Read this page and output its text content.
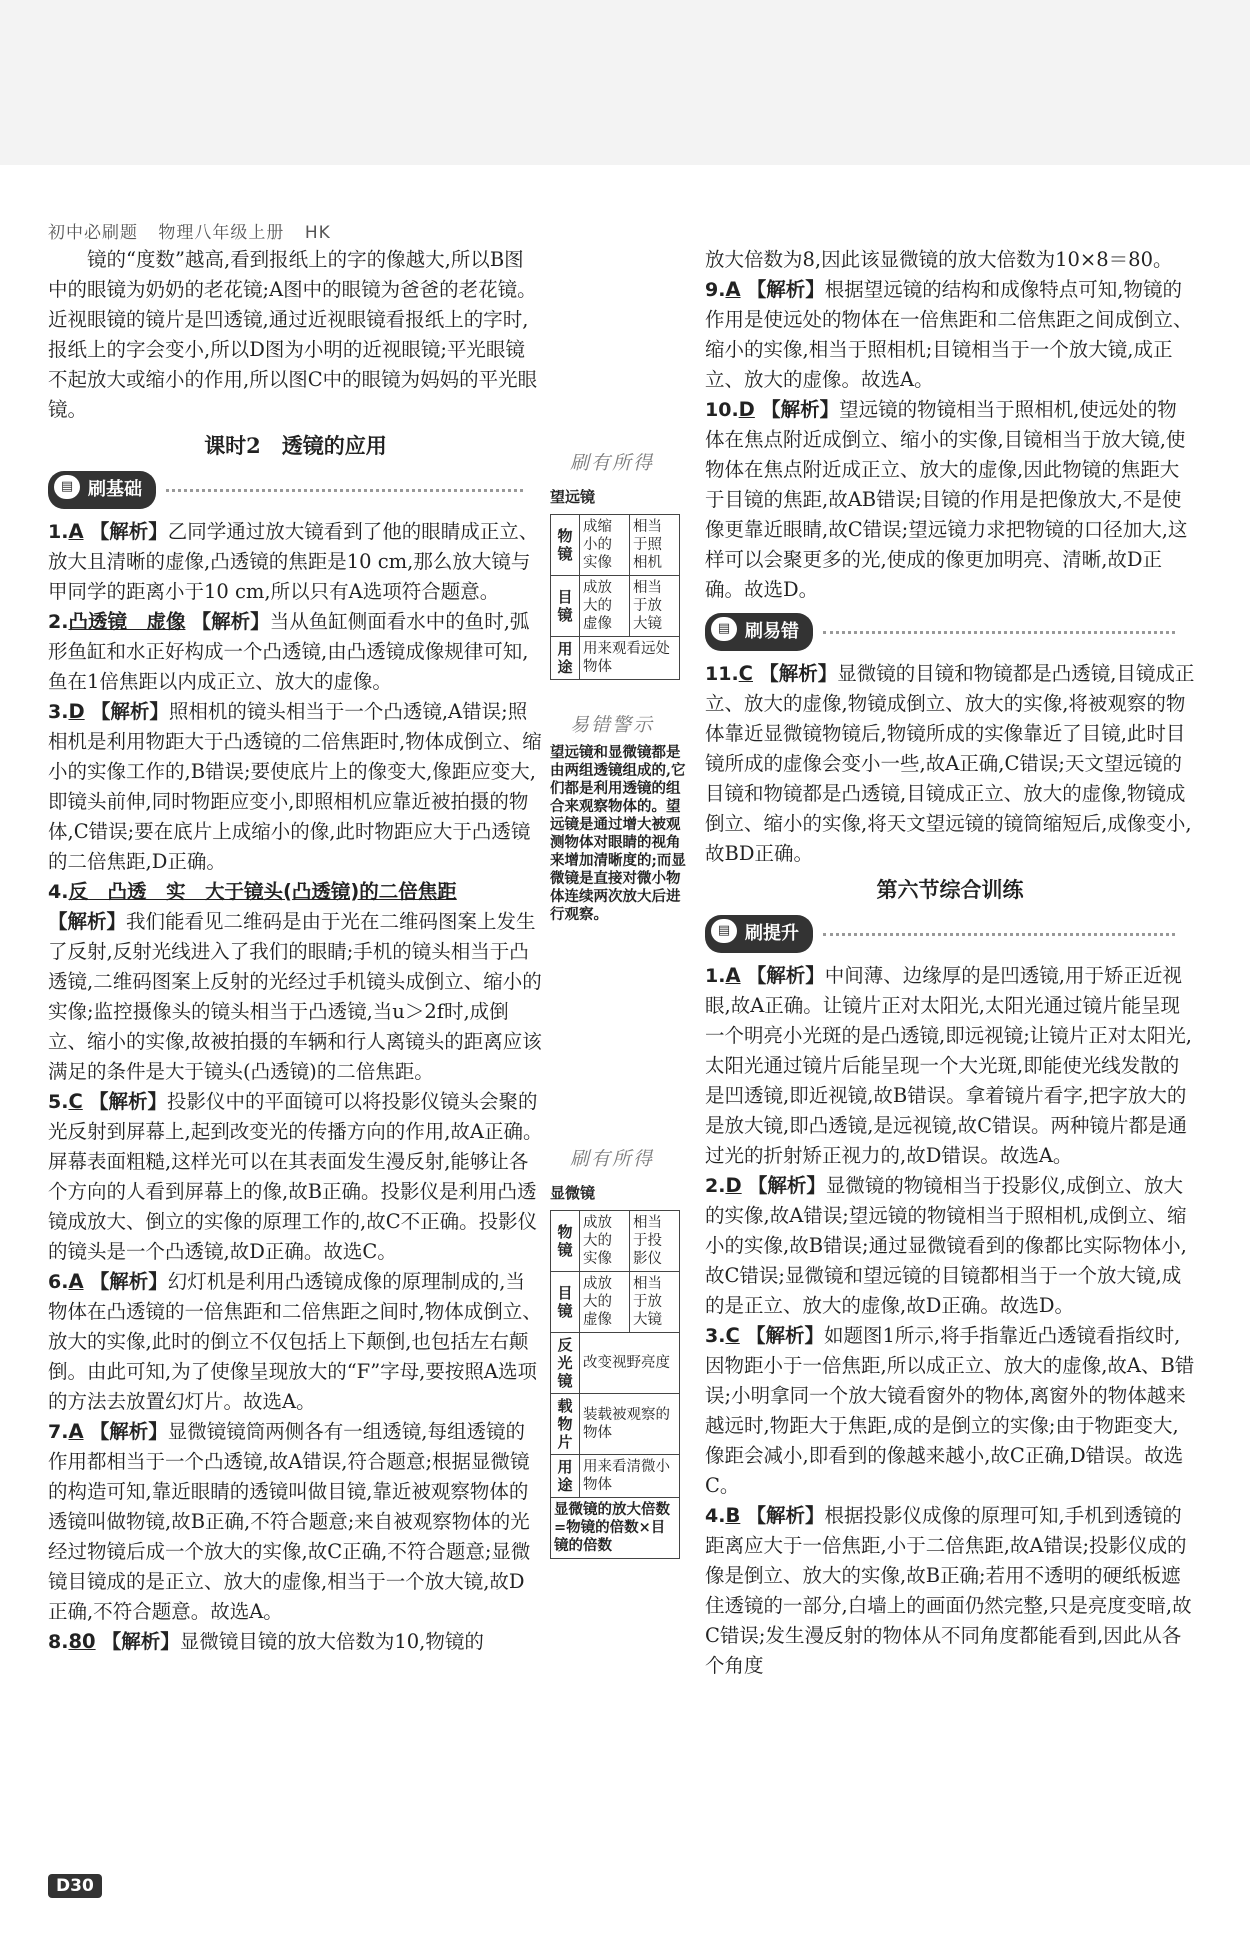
初中必刷题 物理八年级上册 HK

镜的“度数”越高,看到报纸上的字的像越大,所以B图中的眼镜为奶奶的老花镜;A图中的眼镜为爸爸的老花镜。近视眼镜的镜片是凹透镜,通过近视眼镜看报纸上的字时,报纸上的字会变小,所以D图为小明的近视眼镜;平光眼镜不起放大或缩小的作用,所以图C中的眼镜为妈妈的平光眼镜。

课时2　透镜的应用
▤ 刷基础

1.A 【解析】乙同学通过放大镜看到了他的眼睛成正立、放大且清晰的虚像,凸透镜的焦距是10 cm,那么放大镜与甲同学的距离小于10 cm,所以只有A选项符合题意。

2.凸透镜　虚像 【解析】当从鱼缸侧面看水中的鱼时,弧形鱼缸和水正好构成一个凸透镜,由凸透镜成像规律可知,鱼在1倍焦距以内成正立、放大的虚像。

3.D 【解析】照相机的镜头相当于一个凸透镜,A错误;照相机是利用物距大于凸透镜的二倍焦距时,物体成倒立、缩小的实像工作的,B错误;要使底片上的像变大,像距应变大,即镜头前伸,同时物距应变小,即照相机应靠近被拍摄的物体,C错误;要在底片上成缩小的像,此时物距应大于凸透镜的二倍焦距,D正确。

4.反　凸透　实　大于镜头(凸透镜)的二倍焦距
【解析】我们能看见二维码是由于光在二维码图案上发生了反射,反射光线进入了我们的眼睛;手机的镜头相当于凸透镜,二维码图案上反射的光经过手机镜头成倒立、缩小的实像;监控摄像头的镜头相当于凸透镜,当u＞2f时,成倒立、缩小的实像,故被拍摄的车辆和行人离镜头的距离应该满足的条件是大于镜头(凸透镜)的二倍焦距。

5.C 【解析】投影仪中的平面镜可以将投影仪镜头会聚的光反射到屏幕上,起到改变光的传播方向的作用,故A正确。屏幕表面粗糙,这样光可以在其表面发生漫反射,能够让各个方向的人看到屏幕上的像,故B正确。投影仪是利用凸透镜成放大、倒立的实像的原理工作的,故C不正确。投影仪的镜头是一个凸透镜,故D正确。故选C。

6.A 【解析】幻灯机是利用凸透镜成像的原理制成的,当物体在凸透镜的一倍焦距和二倍焦距之间时,物体成倒立、放大的实像,此时的倒立不仅包括上下颠倒,也包括左右颠倒。由此可知,为了使像呈现放大的“F”字母,要按照A选项的方法去放置幻灯片。故选A。

7.A 【解析】显微镜镜筒两侧各有一组透镜,每组透镜的作用都相当于一个凸透镜,故A错误,符合题意;根据显微镜的构造可知,靠近眼睛的透镜叫做目镜,靠近被观察物体的透镜叫做物镜,故B正确,不符合题意;来自被观察物体的光经过物镜后成一个放大的实像,故C正确,不符合题意;显微镜目镜成的是正立、放大的虚像,相当于一个放大镜,故D正确,不符合题意。故选A。

8.80 【解析】显微镜目镜的放大倍数为10,物镜的

刷有所得
望远镜
物镜	成缩小的实像	相当于照相机
目镜	成放大的虚像	相当于放大镜
用途	用来观看远处物体	
易错警示
望远镜和显微镜都是由两组透镜组成的,它们都是利用透镜的组合来观察物体的。望远镜是通过增大被观测物体对眼睛的视角来增加清晰度的;而显微镜是直接对微小物体连续两次放大后进行观察。
刷有所得
显微镜
物镜	成放大的实像	相当于投影仪
目镜	成放大的虚像	相当于放大镜
反光镜	改变视野亮度	
载物片	装载被观察的物体	
用途	用来看清微小物体	
显微镜的放大倍数=物镜的倍数×目镜的倍数		

放大倍数为8,因此该显微镜的放大倍数为10×8＝80。

9.A 【解析】根据望远镜的结构和成像特点可知,物镜的作用是使远处的物体在一倍焦距和二倍焦距之间成倒立、缩小的实像,相当于照相机;目镜相当于一个放大镜,成正立、放大的虚像。故选A。

10.D 【解析】望远镜的物镜相当于照相机,使远处的物体在焦点附近成倒立、缩小的实像,目镜相当于放大镜,使物体在焦点附近成正立、放大的虚像,因此物镜的焦距大于目镜的焦距,故AB错误;目镜的作用是把像放大,不是使像更靠近眼睛,故C错误;望远镜力求把物镜的口径加大,这样可以会聚更多的光,使成的像更加明亮、清晰,故D正确。故选D。

▤ 刷易错

11.C 【解析】显微镜的目镜和物镜都是凸透镜,目镜成正立、放大的虚像,物镜成倒立、放大的实像,将被观察的物体靠近显微镜物镜后,物镜所成的实像靠近了目镜,此时目镜所成的虚像会变小一些,故A正确,C错误;天文望远镜的目镜和物镜都是凸透镜,目镜成正立、放大的虚像,物镜成倒立、缩小的实像,将天文望远镜的镜筒缩短后,成像变小,故BD正确。

第六节综合训练
▤ 刷提升

1.A 【解析】中间薄、边缘厚的是凹透镜,用于矫正近视眼,故A正确。让镜片正对太阳光,太阳光通过镜片能呈现一个明亮小光斑的是凸透镜,即远视镜;让镜片正对太阳光,太阳光通过镜片后能呈现一个大光斑,即能使光线发散的是凹透镜,即近视镜,故B错误。拿着镜片看字,把字放大的是放大镜,即凸透镜,是远视镜,故C错误。两种镜片都是通过光的折射矫正视力的,故D错误。故选A。

2.D 【解析】显微镜的物镜相当于投影仪,成倒立、放大的实像,故A错误;望远镜的物镜相当于照相机,成倒立、缩小的实像,故B错误;通过显微镜看到的像都比实际物体小,故C错误;显微镜和望远镜的目镜都相当于一个放大镜,成的是正立、放大的虚像,故D正确。故选D。

3.C 【解析】如题图1所示,将手指靠近凸透镜看指纹时,因物距小于一倍焦距,所以成正立、放大的虚像,故A、B错误;小明拿同一个放大镜看窗外的物体,离窗外的物体越来越远时,物距大于焦距,成的是倒立的实像;由于物距变大,像距会减小,即看到的像越来越小,故C正确,D错误。故选C。

4.B 【解析】根据投影仪成像的原理可知,手机到透镜的距离应大于一倍焦距,小于二倍焦距,故A错误;投影仪成的像是倒立、放大的实像,故B正确;若用不透明的硬纸板遮住透镜的一部分,白墙上的画面仍然完整,只是亮度变暗,故C错误;发生漫反射的物体从不同角度都能看到,因此从各个角度

D30
